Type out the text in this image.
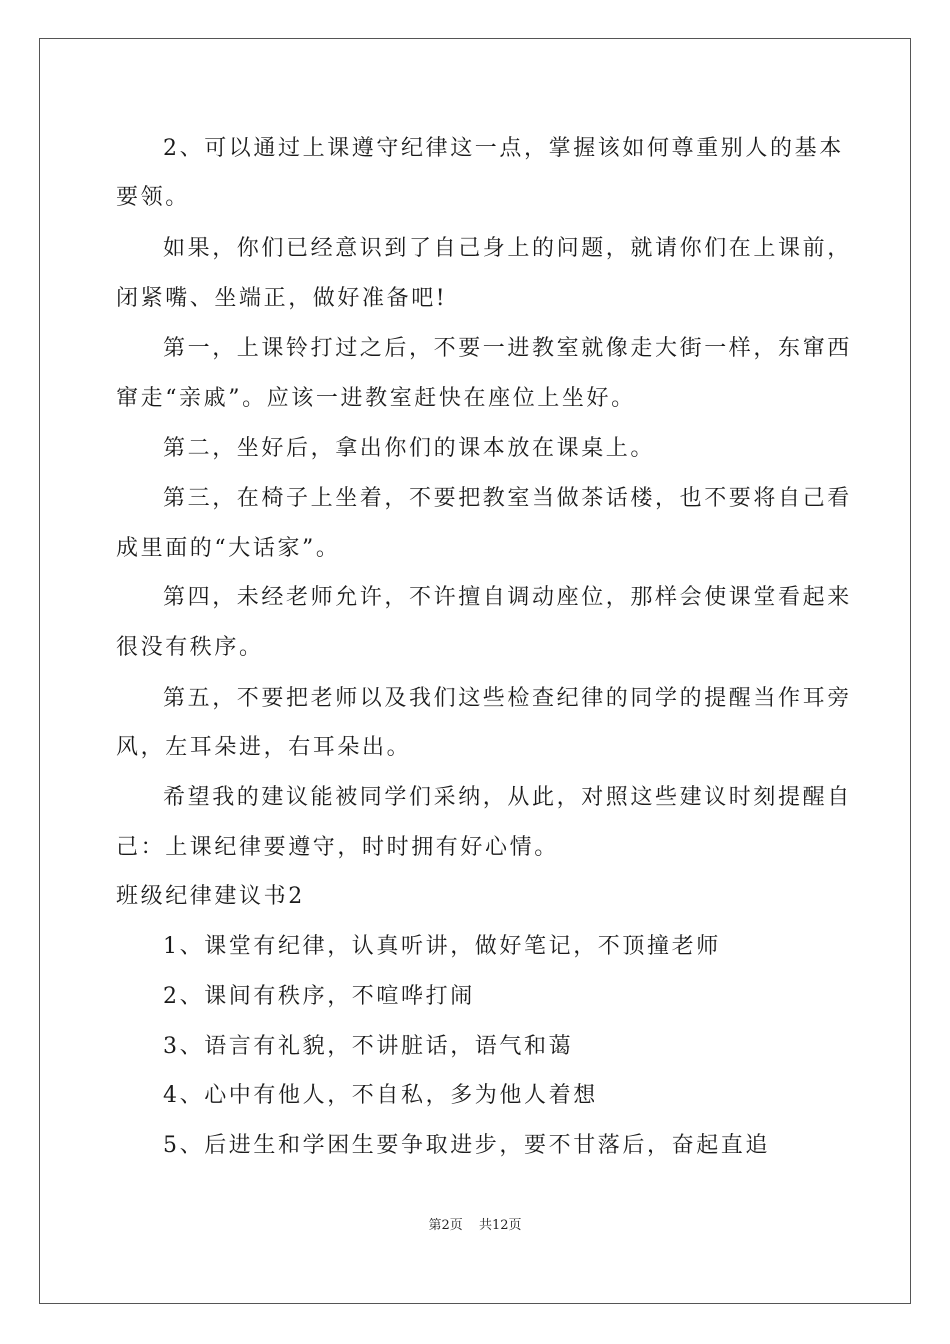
2、可以通过上课遵守纪律这一点，掌握该如何尊重别人的基本
要领。
如果，你们已经意识到了自己身上的问题，就请你们在上课前，
闭紧嘴、坐端正，做好准备吧!
第一，上课铃打过之后，不要一进教室就像走大街一样，东窜西
窜走“亲戚”。应该一进教室赶快在座位上坐好。
第二，坐好后，拿出你们的课本放在课桌上。
第三，在椅子上坐着，不要把教室当做茶话楼，也不要将自己看
成里面的“大话家”。
第四，未经老师允许，不许擅自调动座位，那样会使课堂看起来
很没有秩序。
第五，不要把老师以及我们这些检查纪律的同学的提醒当作耳旁
风，左耳朵进，右耳朵出。
希望我的建议能被同学们采纳，从此，对照这些建议时刻提醒自
己：上课纪律要遵守，时时拥有好心情。
班级纪律建议书2
1、课堂有纪律，认真听讲，做好笔记，不顶撞老师
2、课间有秩序，不喧哗打闹
3、语言有礼貌，不讲脏话，语气和蔼
4、心中有他人，不自私，多为他人着想
5、后进生和学困生要争取进步，要不甘落后，奋起直追
第2页 共12页
